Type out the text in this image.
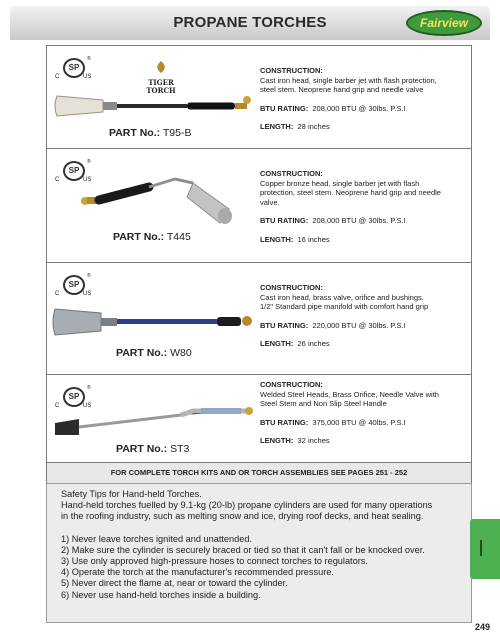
PROPANE TORCHES	Fairview
SP
®
C	US
TIGER TORCH
PART No.: T95-B
CONSTRUCTION:
Cast iron head, single barber jet with flash protection,
steel stem. Neoprene hand grip and needle valve
BTU RATING: 208,000 BTU @ 30lbs. P.S.I
LENGTH: 28 inches
SP
®
C	US
PART No.: T445
CONSTRUCTION:
Copper bronze head, single barber jet with flash
protection, steel stem. Neoprene hand grip and needle
valve.
BTU RATING: 208,000 BTU @ 30lbs. P.S.I
LENGTH: 16 inches
SP
®
C	US
PART No.: W80
CONSTRUCTION:
Cast iron head, brass valve, orifice and bushings.
1/2" Standard pipe manifold with comfort hand grip
BTU RATING: 220,000 BTU @ 30lbs. P.S.I
LENGTH: 26 inches
SP
®
C	US
PART No.: ST3
CONSTRUCTION:
Welded Steel Heads, Brass Orifice, Needle Valve with
Steel Stem and Non Slip Steel Handle
BTU RATING: 375,000 BTU @ 40lbs. P.S.I
LENGTH: 32 inches
FOR COMPLETE TORCH KITS AND OR TORCH ASSEMBLIES SEE PAGES 251 - 252
Safety Tips for Hand-held Torches.
Hand-held torches fuelled by 9.1-kg (20-lb) propane cylinders are used for many operations
in the roofing industry, such as melting snow and ice, drying roof decks, and heat sealing.
1) Never leave torches ignited and unattended.
2) Make sure the cylinder is securely braced or tied so that it can't fall or be knocked over.
3) Use only approved high-pressure hoses to connect torches to regulators.
4) Operate the torch at the manufacturer's recommended pressure.
5) Never direct the flame at, near or toward the cylinder.
6) Never use hand-held torches inside a building.
249
